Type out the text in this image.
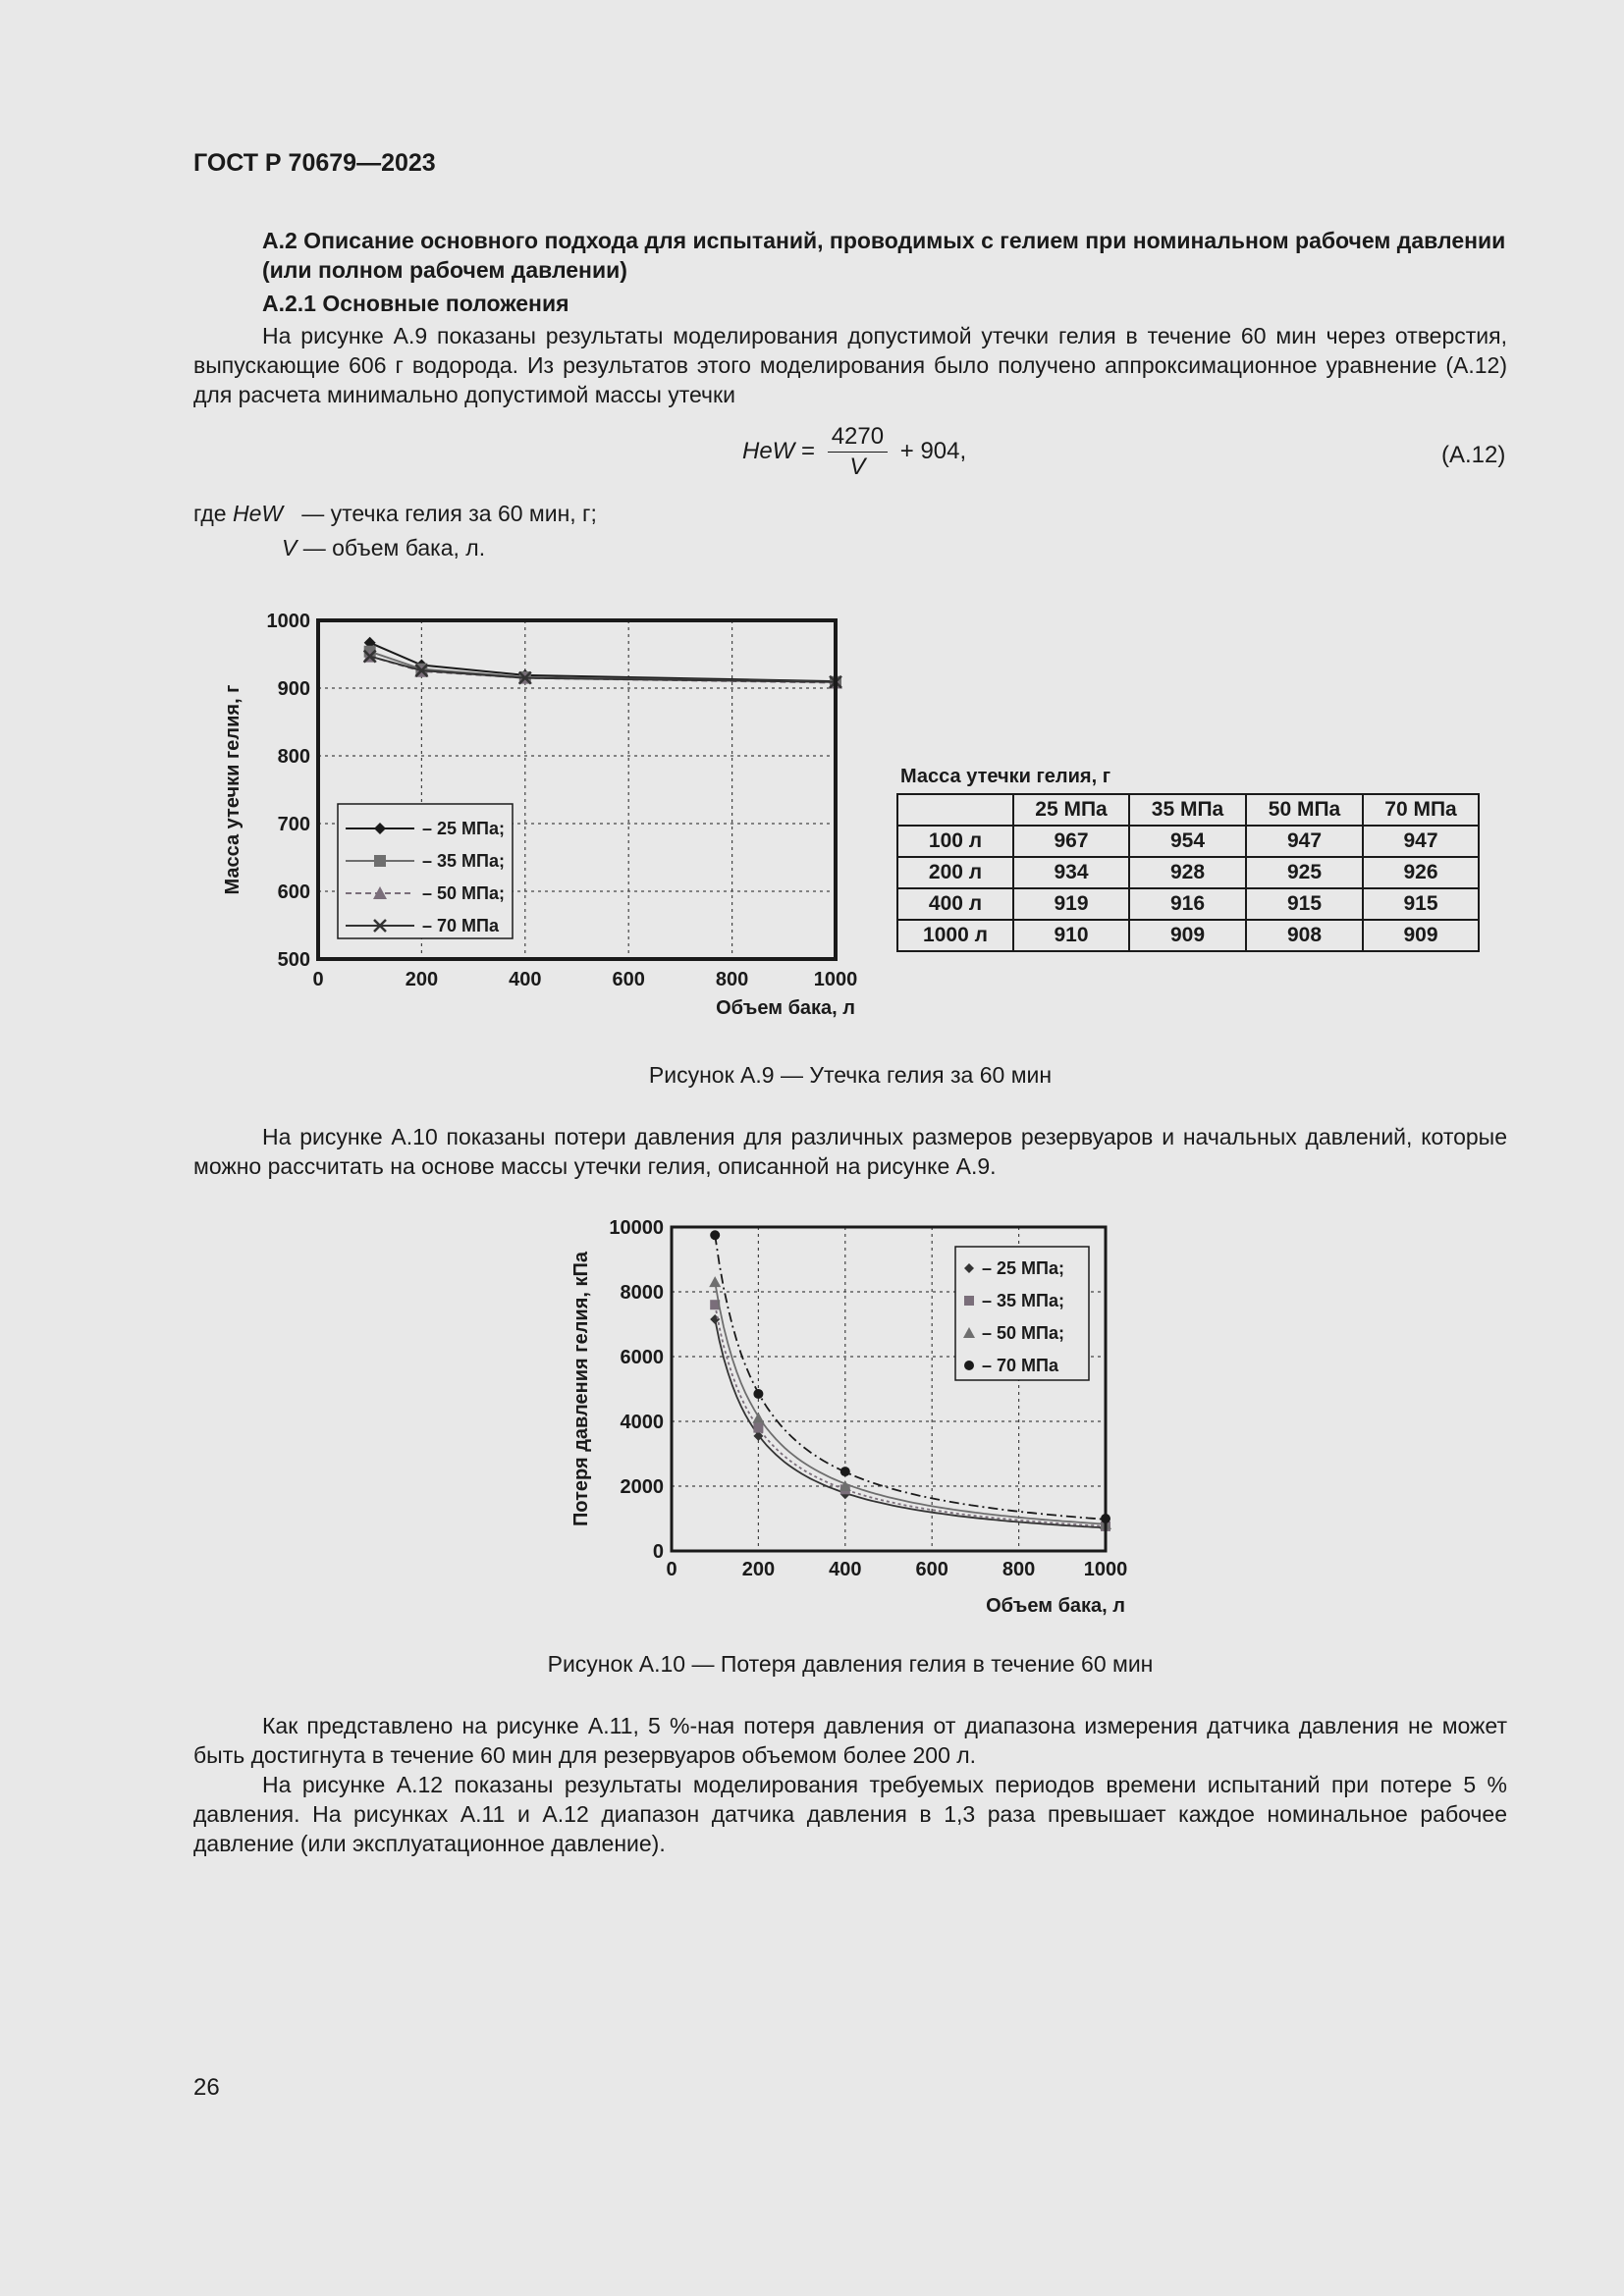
ГОСТ Р 70679—2023
А.2 Описание основного подхода для испытаний, проводимых с гелием при номинальном рабочем давлении (или полном рабочем давлении)
А.2.1 Основные положения
На рисунке А.9 показаны результаты моделирования допустимой утечки гелия в течение 60 мин через отверстия, выпускающие 606 г водорода. Из результатов этого моделирования было получено аппроксимационное уравнение (А.12) для расчета минимально допустимой массы утечки
HeW = $\frac{4270}{V} + 904$,	(А.12)
где HeW — утечка гелия за 60 мин, г;
V — объем бака, л.
0	200	400	600	800	1000
500
600
700
800
900
1000
Объем бака, л
Масса утечки гелия, г	– 25 МПа;
– 35 МПа;
– 50 МПа;
– 70 МПа
Масса утечки гелия, г
	25 МПа	35 МПа	50 МПа	70 МПа
100 л	967	954	947	947
200 л	934	928	925	926
400 л	919	916	915	915
1000 л	910	909	908	909
Рисунок А.9 — Утечка гелия за 60 мин
На рисунке А.10 показаны потери давления для различных размеров резервуаров и начальных давлений, которые можно рассчитать на основе массы утечки гелия, описанной на рисунке А.9.
0	200	400	600	800 1000
0
2000
4000
6000
8000
10000
Объем бака, л
Потеря давления гелия, кПа	– 25 МПа;
– 35 МПа;
– 50 МПа;
– 70 МПа
Рисунок А.10 — Потеря давления гелия в течение 60 мин
Как представлено на рисунке А.11, 5 %-ная потеря давления от диапазона измерения датчика давления не может быть достигнута в течение 60 мин для резервуаров объемом более 200 л.
На рисунке А.12 показаны результаты моделирования требуемых периодов времени испытаний при потере 5 % давления. На рисунках А.11 и А.12 диапазон датчика давления в 1,3 раза превышает каждое номинальное рабочее давление (или эксплуатационное давление).
26
